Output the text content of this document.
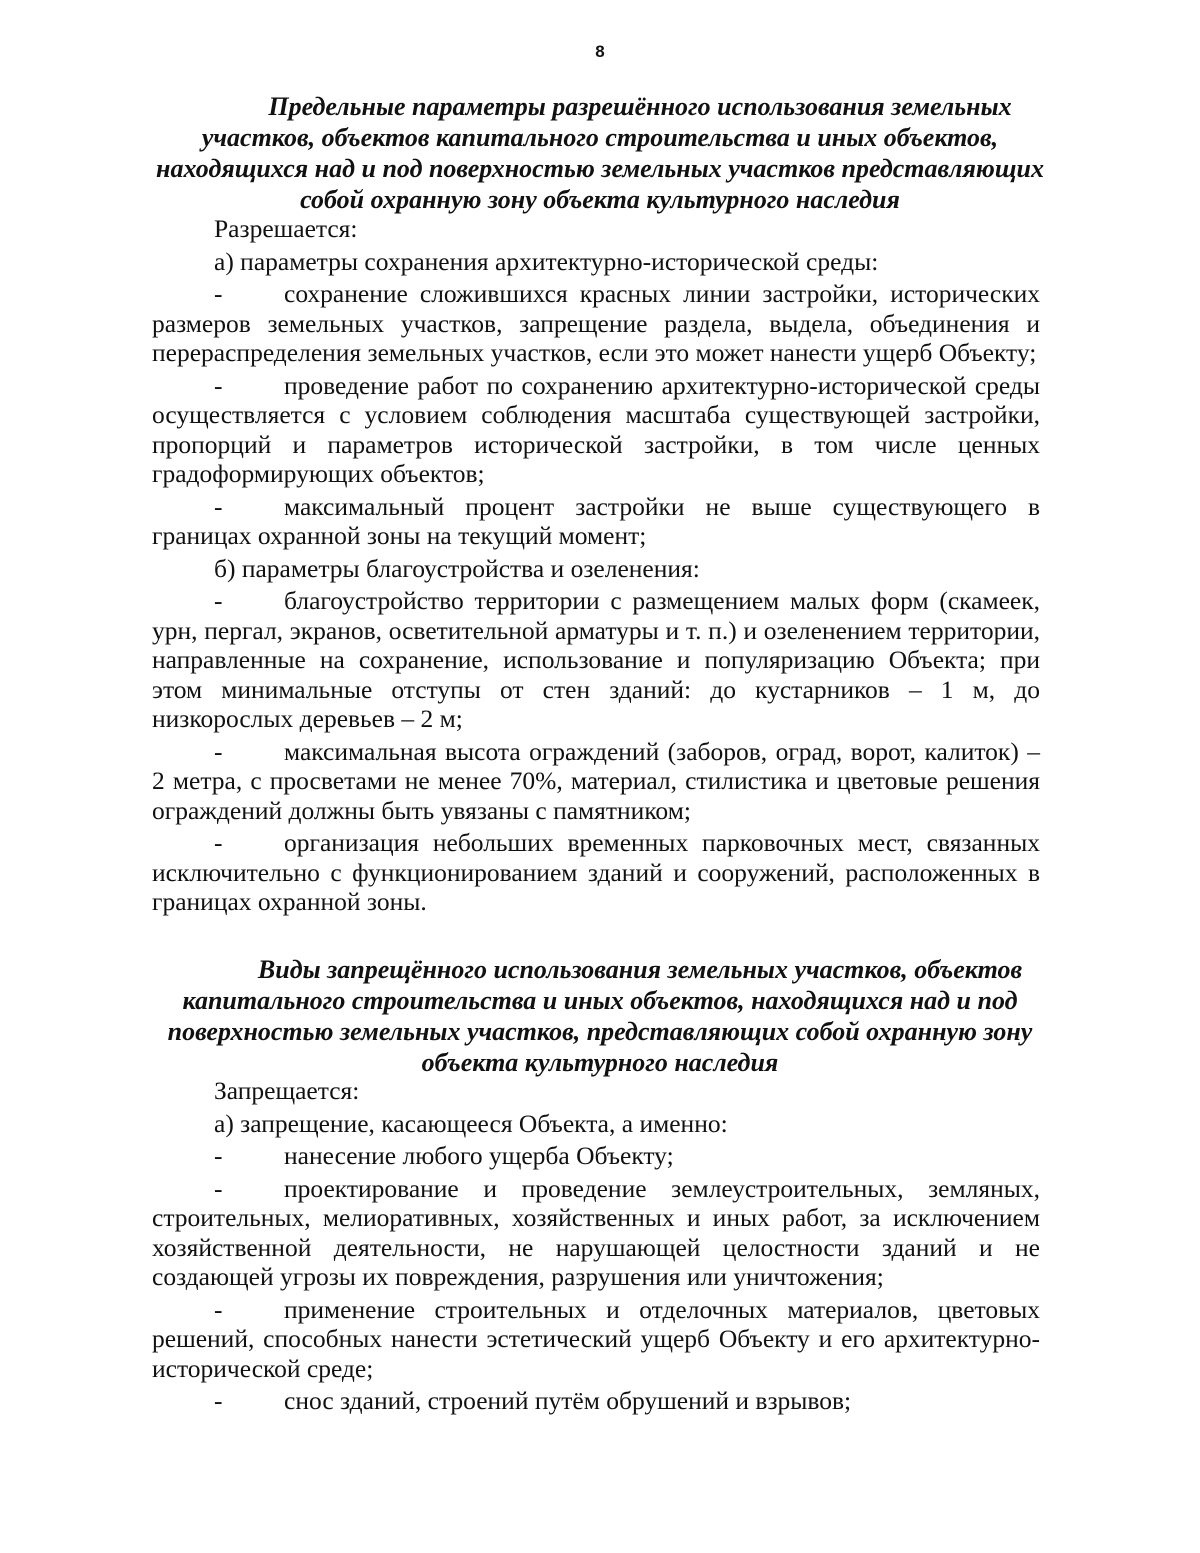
8
Предельные параметры разрешённого использования земельных участков, объектов капитального строительства и иных объектов, находящихся над и под поверхностью земельных участков представляющих собой охранную зону объекта культурного наследия

Разрешается:

а) параметры сохранения архитектурно-исторической среды:

- сохранение сложившихся красных линии застройки, исторических размеров земельных участков, запрещение раздела, выдела, объединения и перераспределения земельных участков, если это может нанести ущерб Объекту;

- проведение работ по сохранению архитектурно-исторической среды осуществляется с условием соблюдения масштаба существующей застройки, пропорций и параметров исторической застройки, в том числе ценных градоформирующих объектов;

- максимальный процент застройки не выше существующего в границах охранной зоны на текущий момент;

б) параметры благоустройства и озеленения:

- благоустройство территории с размещением малых форм (скамеек, урн, пергал, экранов, осветительной арматуры и т. п.) и озеленением территории, направленные на сохранение, использование и популяризацию Объекта; при этом минимальные отступы от стен зданий: до кустарников – 1 м, до низкорослых деревьев – 2 м;

- максимальная высота ограждений (заборов, оград, ворот, калиток) – 2 метра, с просветами не менее 70%, материал, стилистика и цветовые решения ограждений должны быть увязаны с памятником;

- организация небольших временных парковочных мест, связанных исключительно с функционированием зданий и сооружений, расположенных в границах охранной зоны.

Виды запрещённого использования земельных участков, объектов капитального строительства и иных объектов, находящихся над и под поверхностью земельных участков, представляющих собой охранную зону объекта культурного наследия

Запрещается:

а) запрещение, касающееся Объекта, а именно:

- нанесение любого ущерба Объекту;

- проектирование и проведение землеустроительных, земляных, строительных, мелиоративных, хозяйственных и иных работ, за исключением хозяйственной деятельности, не нарушающей целостности зданий и не создающей угрозы их повреждения, разрушения или уничтожения;

- применение строительных и отделочных материалов, цветовых решений, способных нанести эстетический ущерб Объекту и его архитектурно-исторической среде;

- снос зданий, строений путём обрушений и взрывов;
